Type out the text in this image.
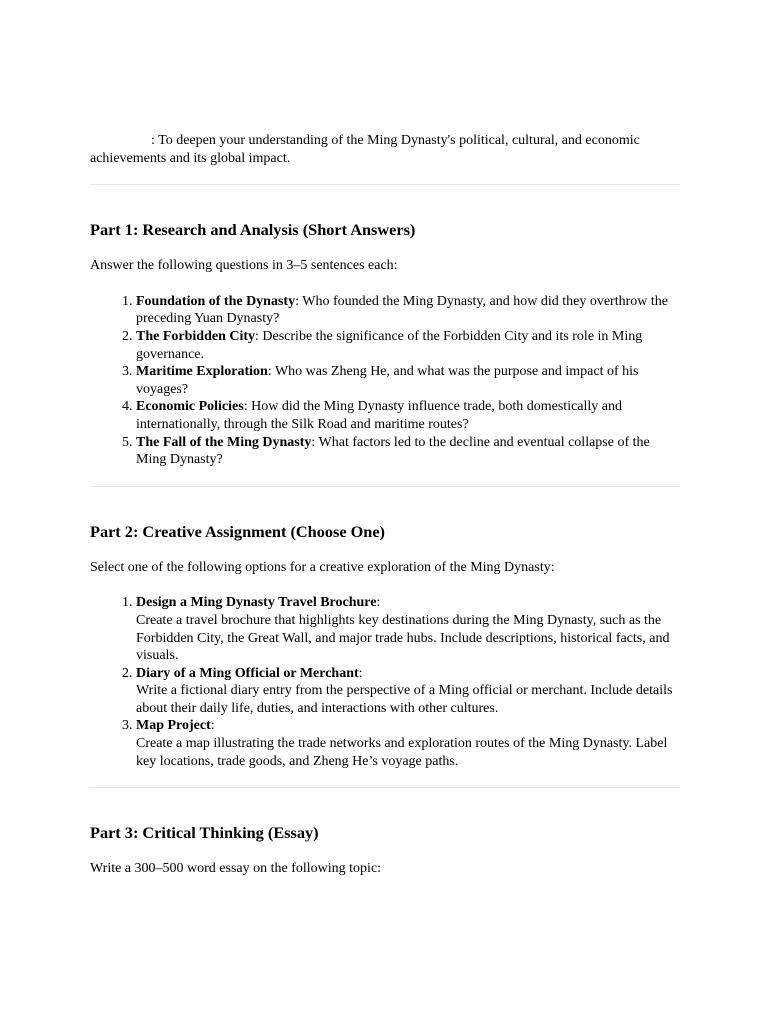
: To deepen your understanding of the Ming Dynasty's political, cultural, and economic achievements and its global impact.

Part 1: Research and Analysis (Short Answers)

Answer the following questions in 3–5 sentences each:

1. Foundation of the Dynasty: Who founded the Ming Dynasty, and how did they overthrow the preceding Yuan Dynasty?
2. The Forbidden City: Describe the significance of the Forbidden City and its role in Ming governance.
3. Maritime Exploration: Who was Zheng He, and what was the purpose and impact of his voyages?
4. Economic Policies: How did the Ming Dynasty influence trade, both domestically and internationally, through the Silk Road and maritime routes?
5. The Fall of the Ming Dynasty: What factors led to the decline and eventual collapse of the Ming Dynasty?
Part 2: Creative Assignment (Choose One)

Select one of the following options for a creative exploration of the Ming Dynasty:

1. Design a Ming Dynasty Travel Brochure:
Create a travel brochure that highlights key destinations during the Ming Dynasty, such as the Forbidden City, the Great Wall, and major trade hubs. Include descriptions, historical facts, and visuals.
2. Diary of a Ming Official or Merchant:
Write a fictional diary entry from the perspective of a Ming official or merchant. Include details about their daily life, duties, and interactions with other cultures.
3. Map Project:
Create a map illustrating the trade networks and exploration routes of the Ming Dynasty. Label key locations, trade goods, and Zheng He’s voyage paths.
Part 3: Critical Thinking (Essay)

Write a 300–500 word essay on the following topic:
